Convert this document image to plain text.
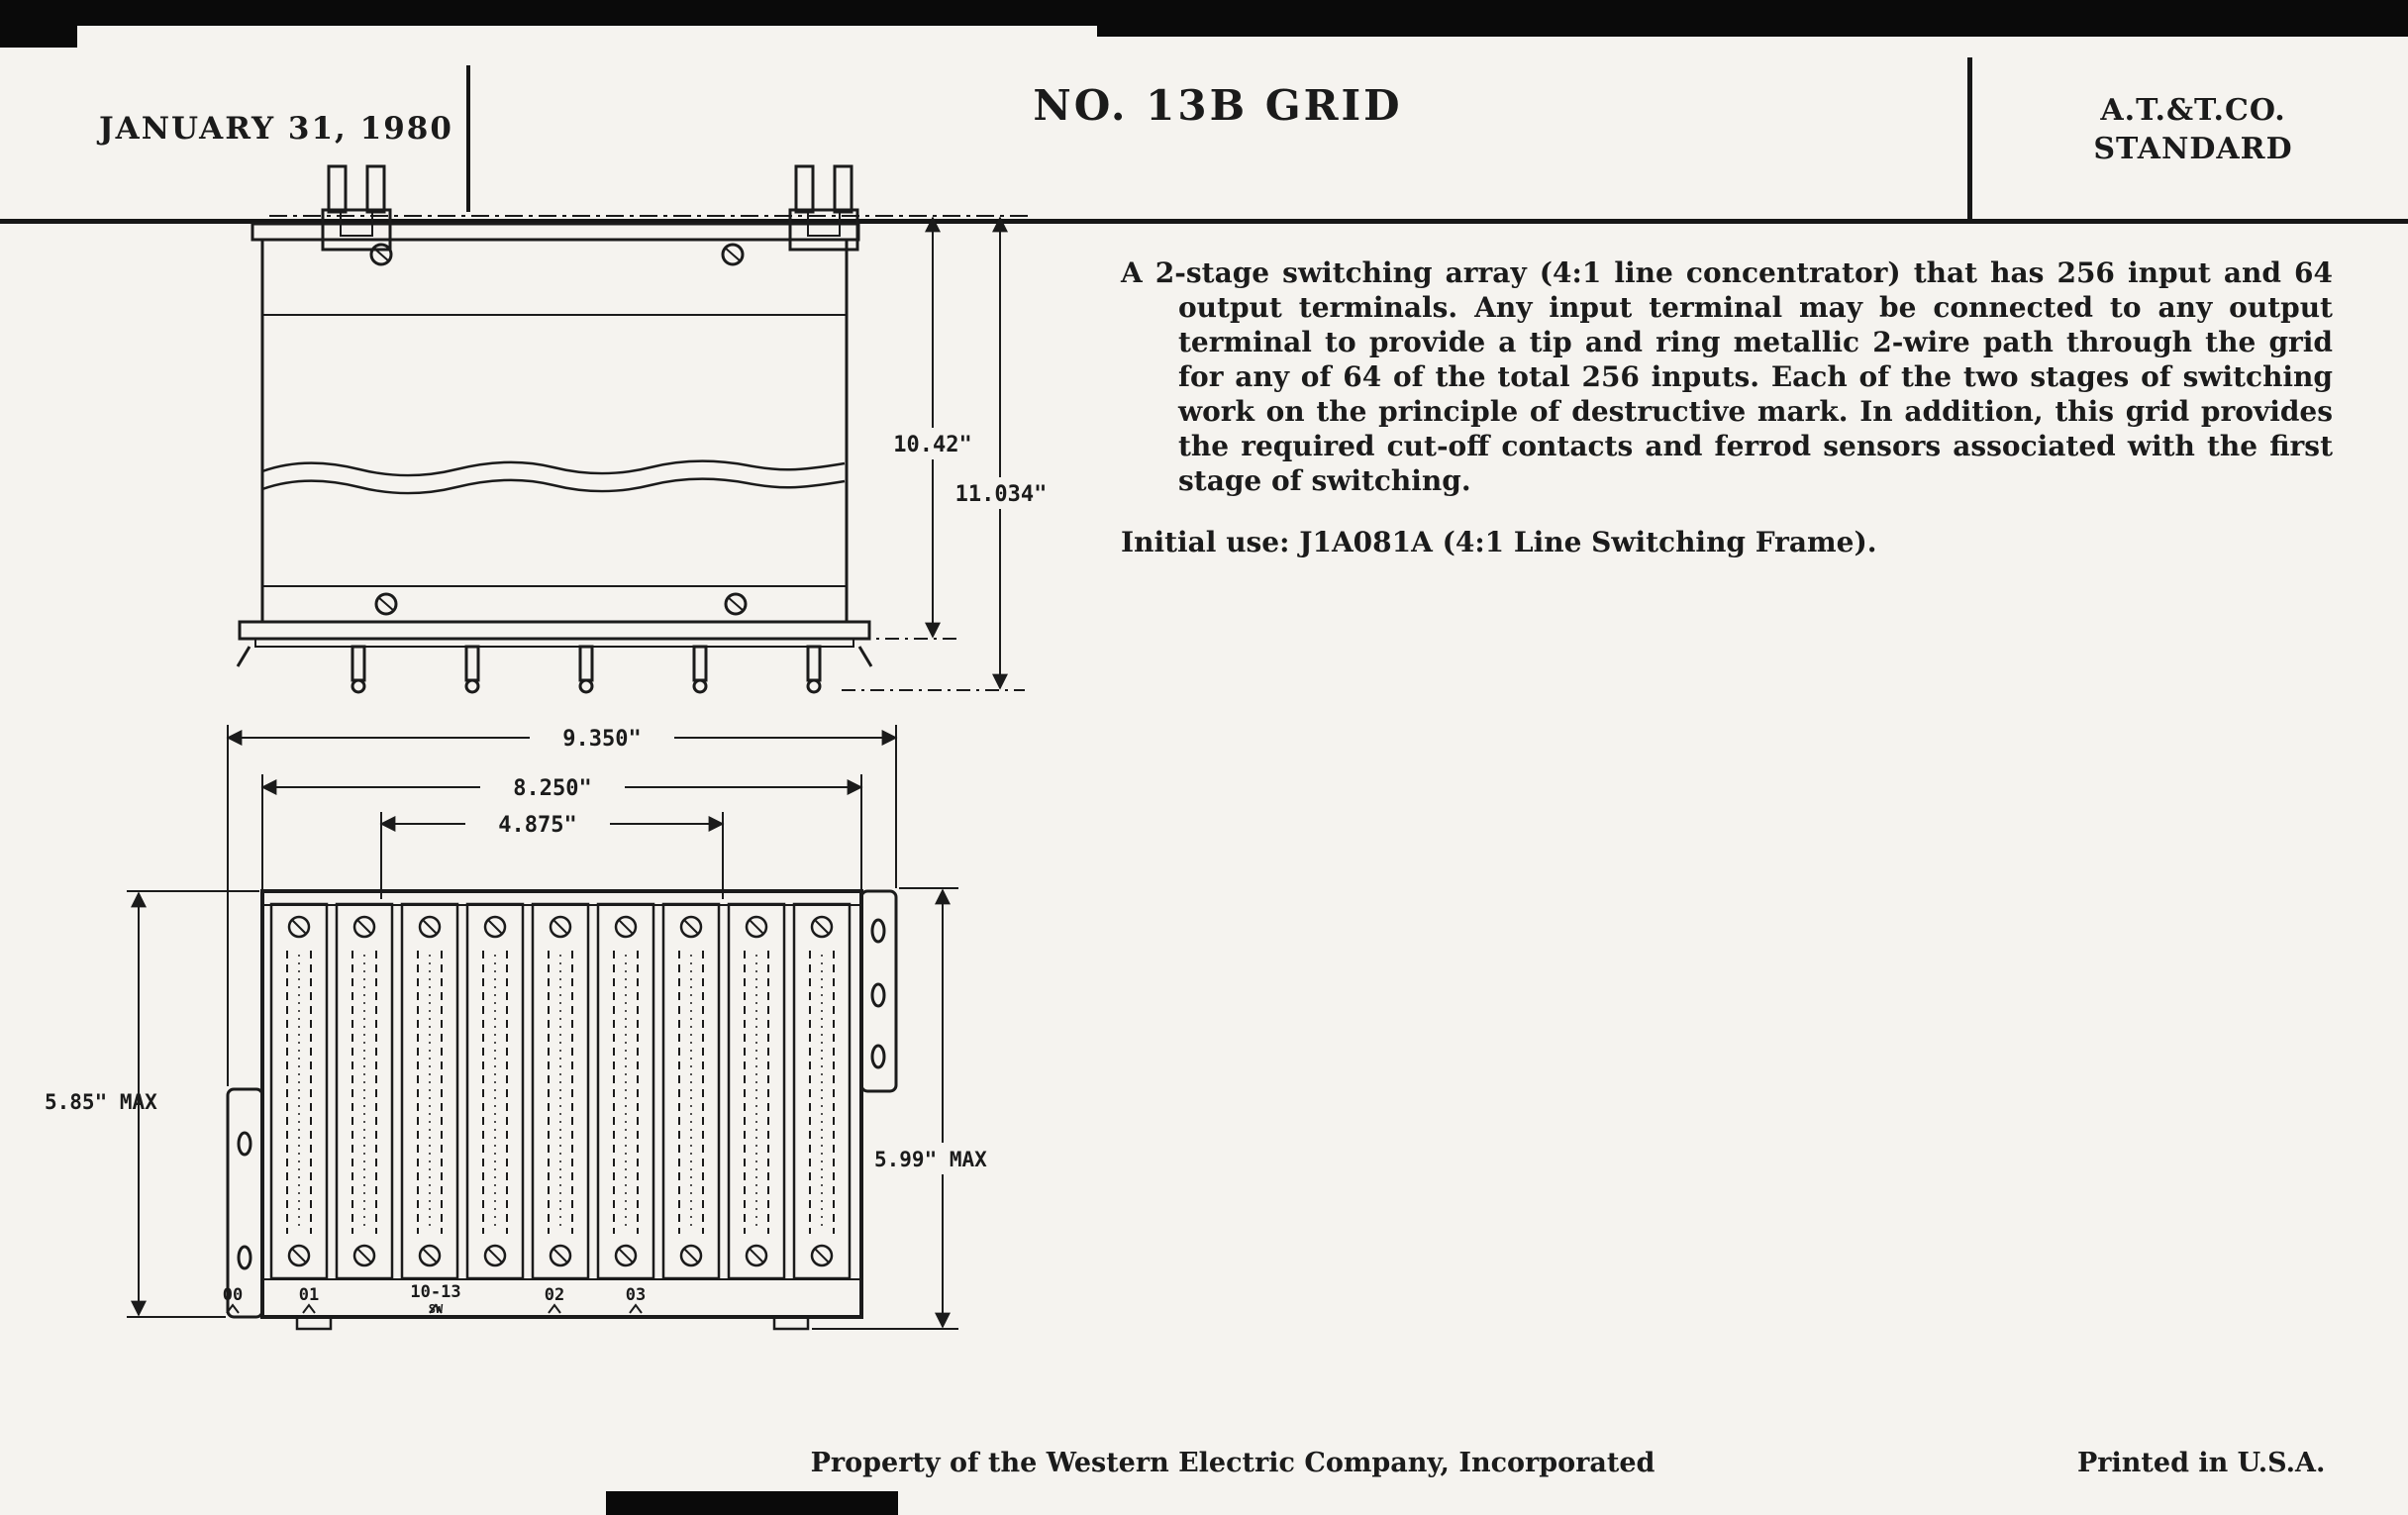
JANUARY 31, 1980	NO. 13B GRID	A.T.&T.CO.
STANDARD
A 2-stage switching array (4:1 line concentrator) that has 256 input and 64 output terminals. Any input terminal may be connected to any output terminal to provide a tip and ring metallic 2-wire path through the grid for any of 64 of the total 256 inputs. Each of the two stages of switching work on the principle of destructive mark. In addition, this grid provides the required cut-off contacts and ferrod sensors associated with the first stage of switching.
Initial use: J1A081A (4:1 Line Switching Frame).
10.42"
11.034"
9.350"
8.250"
4.875"
5.85" MAX
5.99" MAX
00	01	10-13
SW
02	03
Property of the Western Electric Company, Incorporated	Printed in U.S.A.
